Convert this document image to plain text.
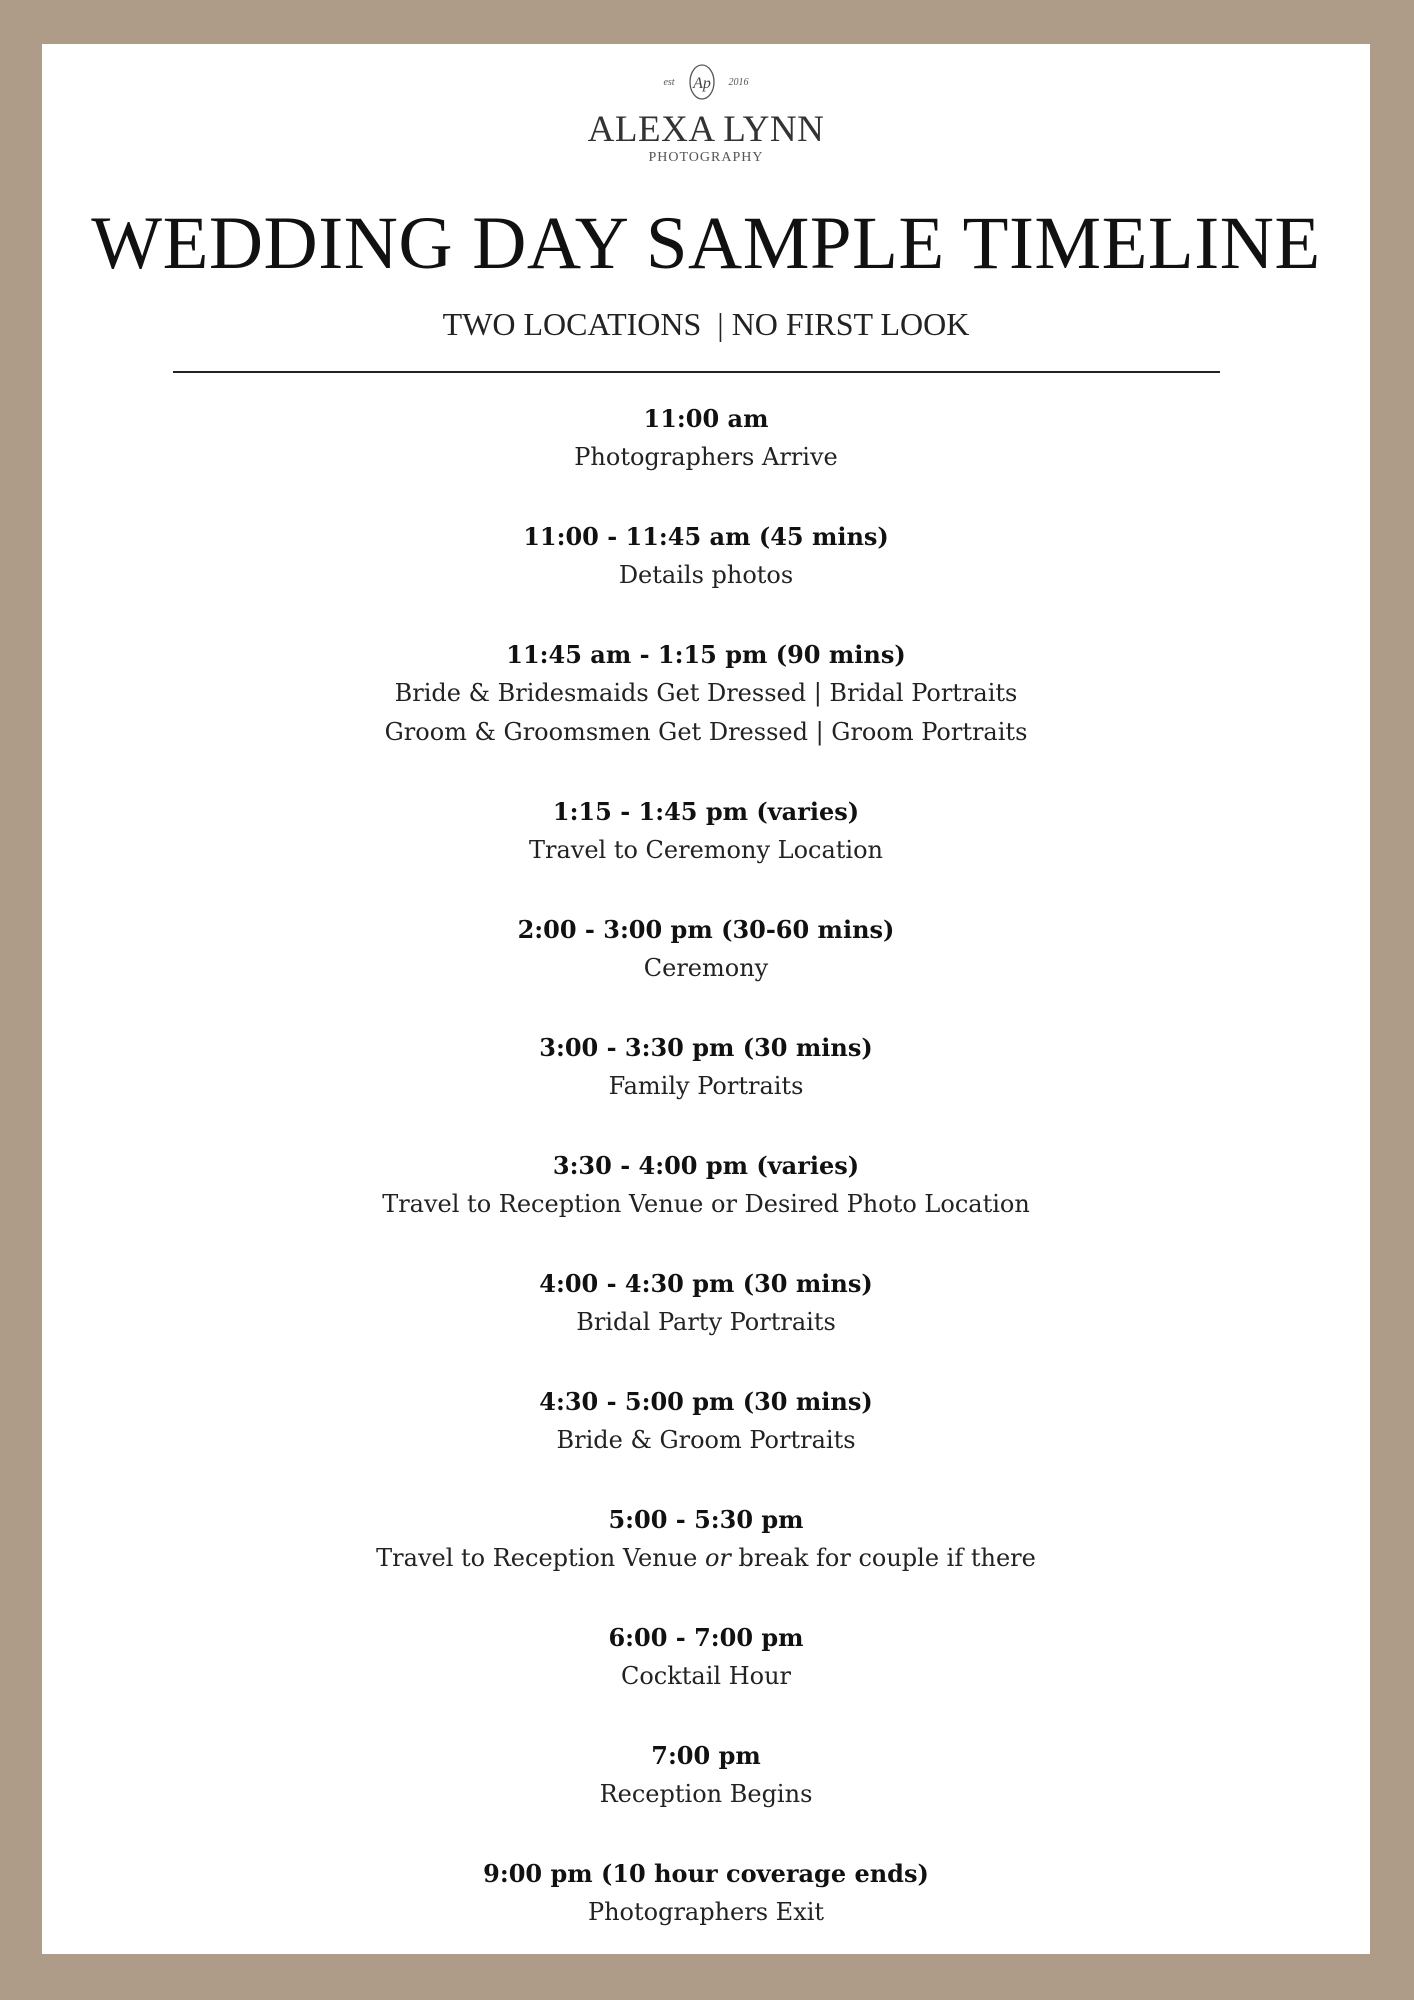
est Ap 2016
ALEXA LYNN
PHOTOGRAPHY
WEDDING DAY SAMPLE TIMELINE
TWO LOCATIONS  | NO FIRST LOOK
11:00 am
Photographers Arrive
11:00 - 11:45 am (45 mins)
Details photos
11:45 am - 1:15 pm (90 mins)
Bride & Bridesmaids Get Dressed | Bridal Portraits
Groom & Groomsmen Get Dressed | Groom Portraits
1:15 - 1:45 pm (varies)
Travel to Ceremony Location
2:00 - 3:00 pm (30-60 mins)
Ceremony
3:00 - 3:30 pm (30 mins)
Family Portraits
3:30 - 4:00 pm (varies)
Travel to Reception Venue or Desired Photo Location
4:00 - 4:30 pm (30 mins)
Bridal Party Portraits
4:30 - 5:00 pm (30 mins)
Bride & Groom Portraits
5:00 - 5:30 pm
Travel to Reception Venue or break for couple if there
6:00 - 7:00 pm
Cocktail Hour
7:00 pm
Reception Begins
9:00 pm (10 hour coverage ends)
Photographers Exit
